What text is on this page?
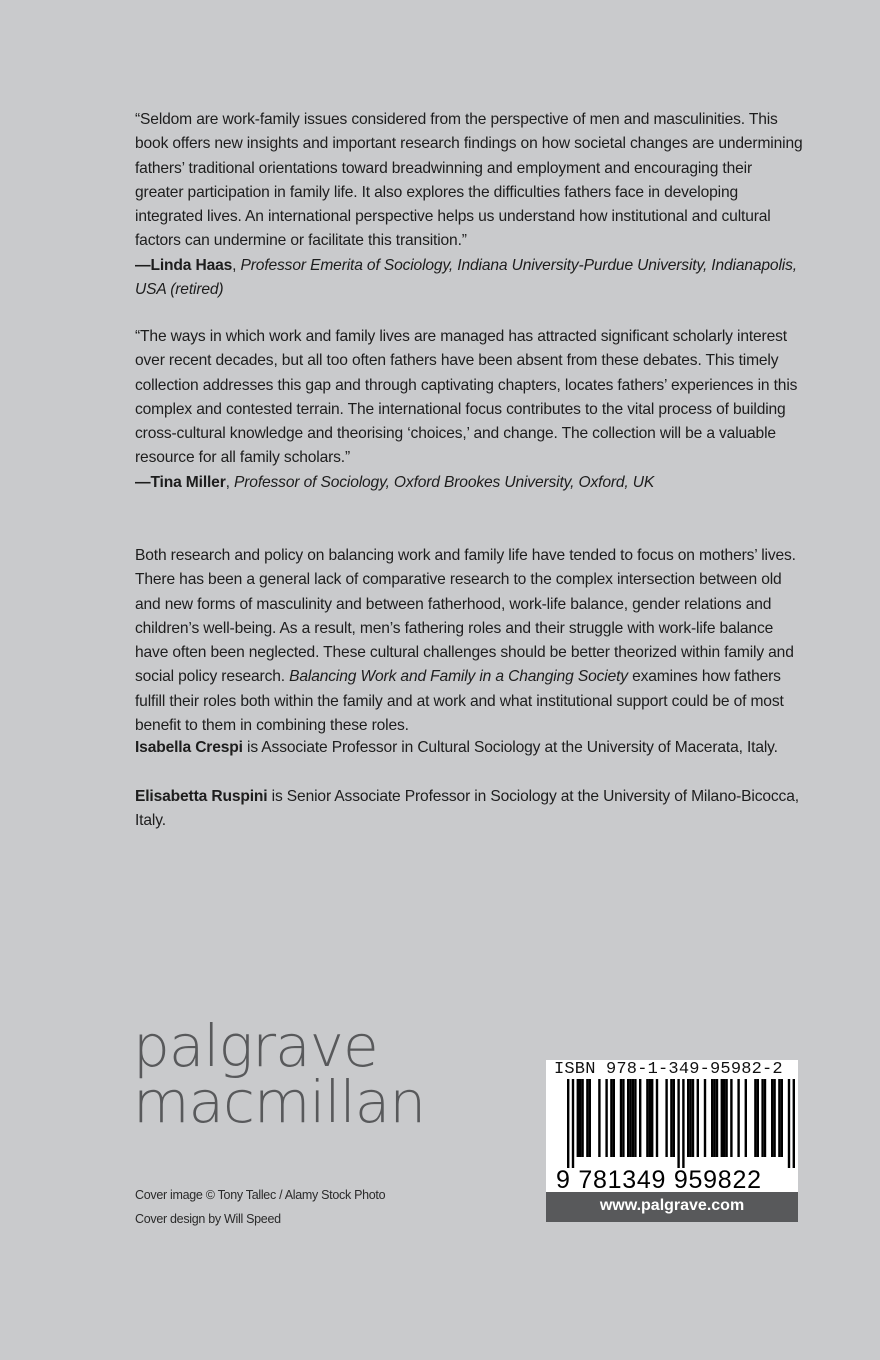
“Seldom are work-family issues considered from the perspective of men and masculinities. This book offers new insights and important research findings on how societal changes are undermining fathers’ traditional orientations toward breadwinning and employment and encouraging their greater participation in family life. It also explores the difficulties fathers face in developing integrated lives. An international perspective helps us understand how institutional and cultural factors can undermine or facilitate this transition.”

—Linda Haas, Professor Emerita of Sociology, Indiana University-Purdue University, Indianapolis, USA (retired)

“The ways in which work and family lives are managed has attracted significant scholarly interest over recent decades, but all too often fathers have been absent from these debates. This timely collection addresses this gap and through captivating chapters, locates fathers’ experiences in this complex and contested terrain. The international focus contributes to the vital process of building cross-cultural knowledge and theorising ‘choices,’ and change. The collection will be a valuable resource for all family scholars.”

—Tina Miller, Professor of Sociology, Oxford Brookes University, Oxford, UK

Both research and policy on balancing work and family life have tended to focus on mothers’ lives. There has been a general lack of comparative research to the complex intersection between old and new forms of masculinity and between fatherhood, work-life balance, gender relations and children’s well-being. As a result, men’s fathering roles and their struggle with work-life balance have often been neglected. These cultural challenges should be better theorized within family and social policy research. Balancing Work and Family in a Changing Society examines how fathers fulfill their roles both within the family and at work and what institutional support could be of most benefit to them in combining these roles.

Isabella Crespi is Associate Professor in Cultural Sociology at the University of Macerata, Italy.

Elisabetta Ruspini is Senior Associate Professor in Sociology at the University of Milano-Bicocca, Italy.

palgrave
macmillan
Cover image © Tony Tallec / Alamy Stock Photo
Cover design by Will Speed
9 781349 959822
ISBN 978-1-349-95982-2
www.palgrave.com
